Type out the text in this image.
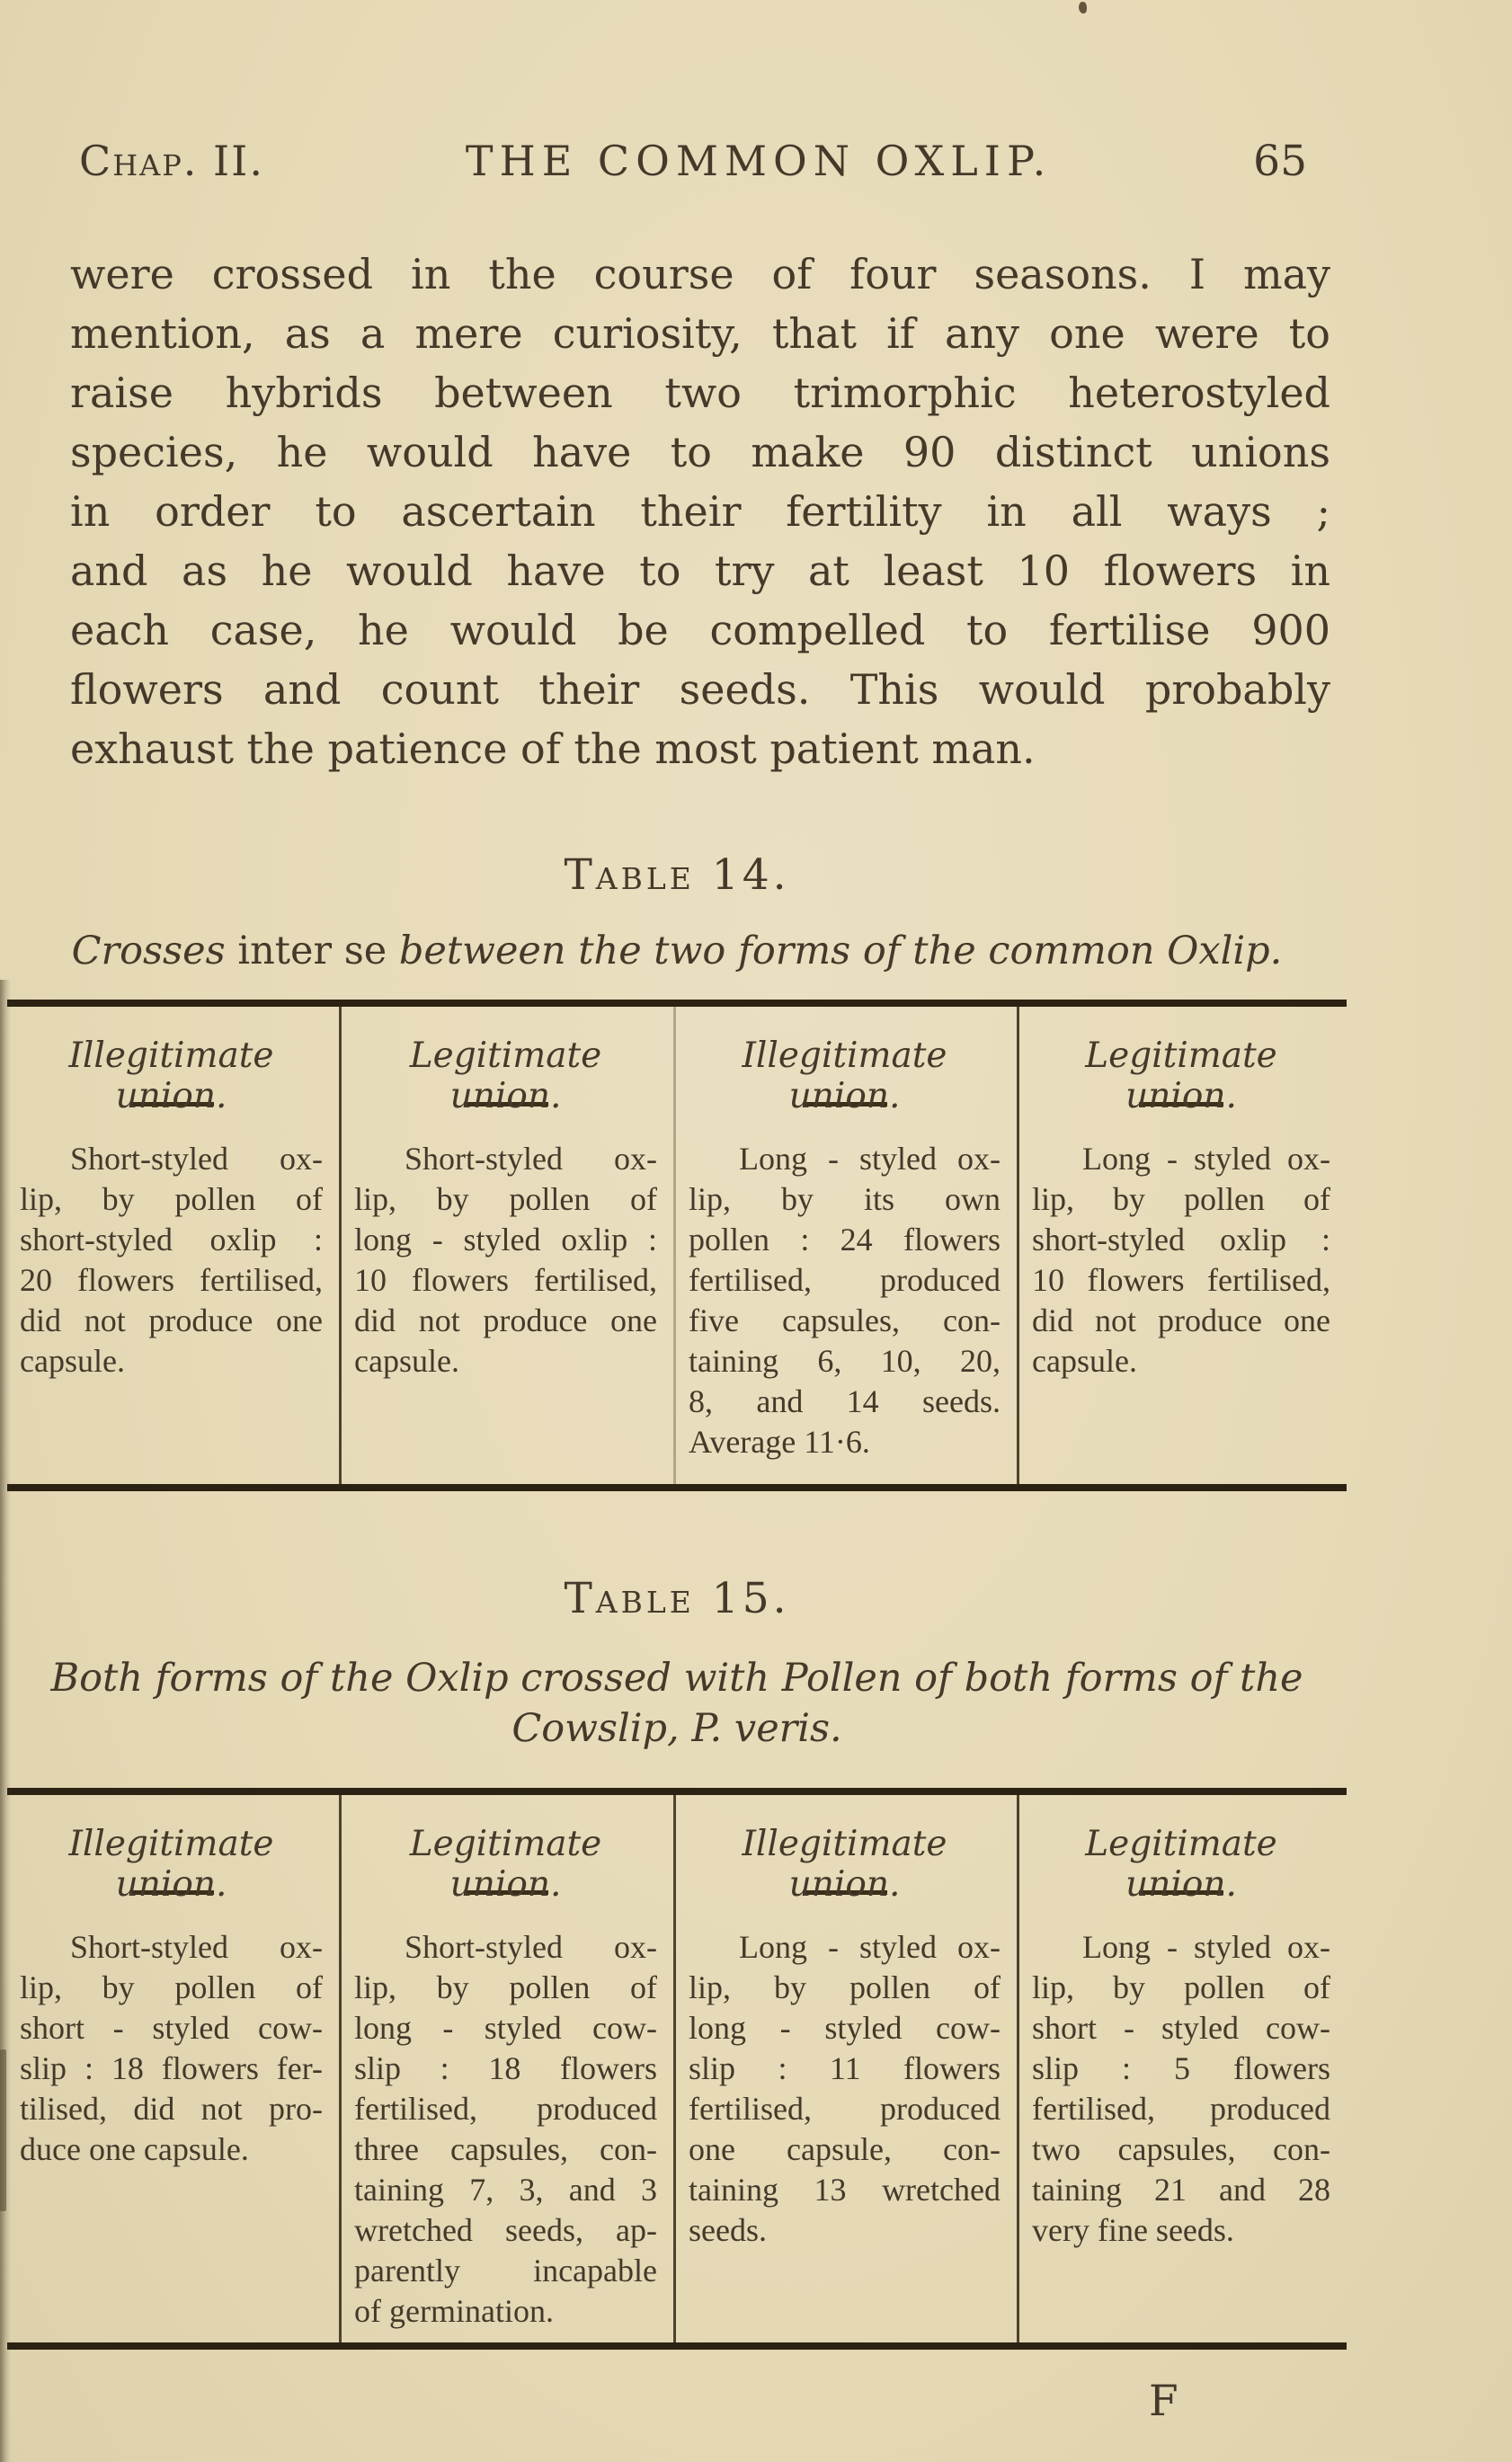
Chap. II.	THE COMMON OXLIP.	65
were crossed in the course of four seasons. I may
mention, as a mere curiosity, that if any one were to
raise hybrids between two trimorphic heterostyled
species, he would have to make 90 distinct unions
in order to ascertain their fertility in all ways ;
and as he would have to try at least 10 flowers in
each case, he would be compelled to fertilise 900
flowers and count their seeds. This would probably
exhaust the patience of the most patient man.
Table 14.
Crosses inter se between the two forms of the common Oxlip.
Illegitimate union.
Short-styled ox-
lip, by pollen of
short-styled oxlip :
20 flowers fertilised,
did not produce one
capsule.
Legitimate union.
Short-styled ox-
lip, by pollen of
long - styled oxlip :
10 flowers fertilised,
did not produce one
capsule.
Illegitimate union.
Long - styled ox-
lip, by its own
pollen : 24 flowers
fertilised, produced
five capsules, con-
taining 6, 10, 20,
8, and 14 seeds.
Average 11·6.
Legitimate union.
Long - styled ox-
lip, by pollen of
short-styled oxlip :
10 flowers fertilised,
did not produce one
capsule.
Table 15.
Both forms of the Oxlip crossed with Pollen of both forms of the
Cowslip, P. veris.
Illegitimate union.
Short-styled ox-
lip, by pollen of
short - styled cow-
slip : 18 flowers fer-
tilised, did not pro-
duce one capsule.
Legitimate union.
Short-styled ox-
lip, by pollen of
long - styled cow-
slip : 18 flowers
fertilised, produced
three capsules, con-
taining 7, 3, and 3
wretched seeds, ap-
parently incapable
of germination.
Illegitimate union.
Long - styled ox-
lip, by pollen of
long - styled cow-
slip : 11 flowers
fertilised, produced
one capsule, con-
taining 13 wretched
seeds.
Legitimate union.
Long - styled ox-
lip, by pollen of
short - styled cow-
slip : 5 flowers
fertilised, produced
two capsules, con-
taining 21 and 28
very fine seeds.
F
